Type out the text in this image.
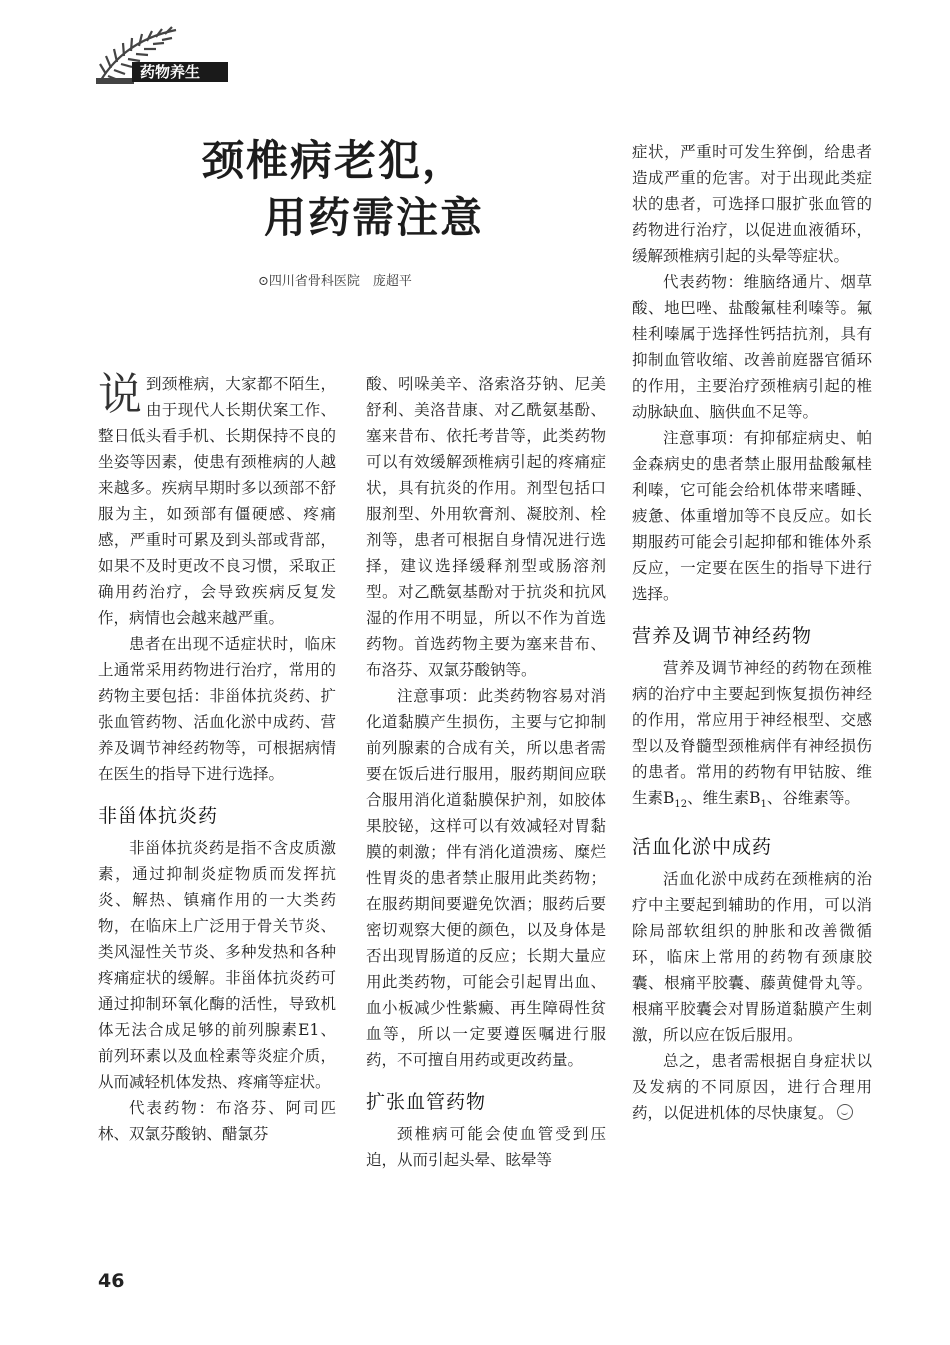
药物养生
颈椎病老犯，
用药需注意
⊙四川省骨科医院　庞超平

说到颈椎病，大家都不陌生，由于现代人长期伏案工作、整日低头看手机、长期保持不良的坐姿等因素，使患有颈椎病的人越来越多。疾病早期时多以颈部不舒服为主，如颈部有僵硬感、疼痛感，严重时可累及到头部或背部，如果不及时更改不良习惯，采取正确用药治疗，会导致疾病反复发作，病情也会越来越严重。

患者在出现不适症状时，临床上通常采用药物进行治疗，常用的药物主要包括：非甾体抗炎药、扩张血管药物、活血化淤中成药、营养及调节神经药物等，可根据病情在医生的指导下进行选择。

非甾体抗炎药

非甾体抗炎药是指不含皮质激素，通过抑制炎症物质而发挥抗炎、解热、镇痛作用的一大类药物，在临床上广泛用于骨关节炎、类风湿性关节炎、多种发热和各种疼痛症状的缓解。非甾体抗炎药可通过抑制环氧化酶的活性，导致机体无法合成足够的前列腺素E1、前列环素以及血栓素等炎症介质，从而减轻机体发热、疼痛等症状。

代表药物：布洛芬、阿司匹林、双氯芬酸钠、醋氯芬

酸、吲哚美辛、洛索洛芬钠、尼美舒利、美洛昔康、对乙酰氨基酚、塞来昔布、依托考昔等，此类药物可以有效缓解颈椎病引起的疼痛症状，具有抗炎的作用。剂型包括口服剂型、外用软膏剂、凝胶剂、栓剂等，患者可根据自身情况进行选择，建议选择缓释剂型或肠溶剂型。对乙酰氨基酚对于抗炎和抗风湿的作用不明显，所以不作为首选药物。首选药物主要为塞来昔布、布洛芬、双氯芬酸钠等。

注意事项：此类药物容易对消化道黏膜产生损伤，主要与它抑制前列腺素的合成有关，所以患者需要在饭后进行服用，服药期间应联合服用消化道黏膜保护剂，如胶体果胶铋，这样可以有效减轻对胃黏膜的刺激；伴有消化道溃疡、糜烂性胃炎的患者禁止服用此类药物；在服药期间要避免饮酒；服药后要密切观察大便的颜色，以及身体是否出现胃肠道的反应；长期大量应用此类药物，可能会引起胃出血、血小板减少性紫癜、再生障碍性贫血等，所以一定要遵医嘱进行服药，不可擅自用药或更改药量。

扩张血管药物

颈椎病可能会使血管受到压迫，从而引起头晕、眩晕等

症状，严重时可发生猝倒，给患者造成严重的危害。对于出现此类症状的患者，可选择口服扩张血管的药物进行治疗，以促进血液循环，缓解颈椎病引起的头晕等症状。

代表药物：维脑络通片、烟草酸、地巴唑、盐酸氟桂利嗪等。氟桂利嗪属于选择性钙拮抗剂，具有抑制血管收缩、改善前庭器官循环的作用，主要治疗颈椎病引起的椎动脉缺血、脑供血不足等。

注意事项：有抑郁症病史、帕金森病史的患者禁止服用盐酸氟桂利嗪，它可能会给机体带来嗜睡、疲惫、体重增加等不良反应。如长期服药可能会引起抑郁和锥体外系反应，一定要在医生的指导下进行选择。

营养及调节神经药物

营养及调节神经的药物在颈椎病的治疗中主要起到恢复损伤神经的作用，常应用于神经根型、交感型以及脊髓型颈椎病伴有神经损伤的患者。常用的药物有甲钴胺、维生素$B_{12}$、维生素$B_1$、谷维素等。

活血化淤中成药

活血化淤中成药在颈椎病的治疗中主要起到辅助的作用，可以消除局部软组织的肿胀和改善微循环，临床上常用的药物有颈康胶囊、根痛平胶囊、藤黄健骨丸等。根痛平胶囊会对胃肠道黏膜产生刺激，所以应在饭后服用。

总之，患者需根据自身症状以及发病的不同原因，进行合理用药，以促进机体的尽快康复。

46
